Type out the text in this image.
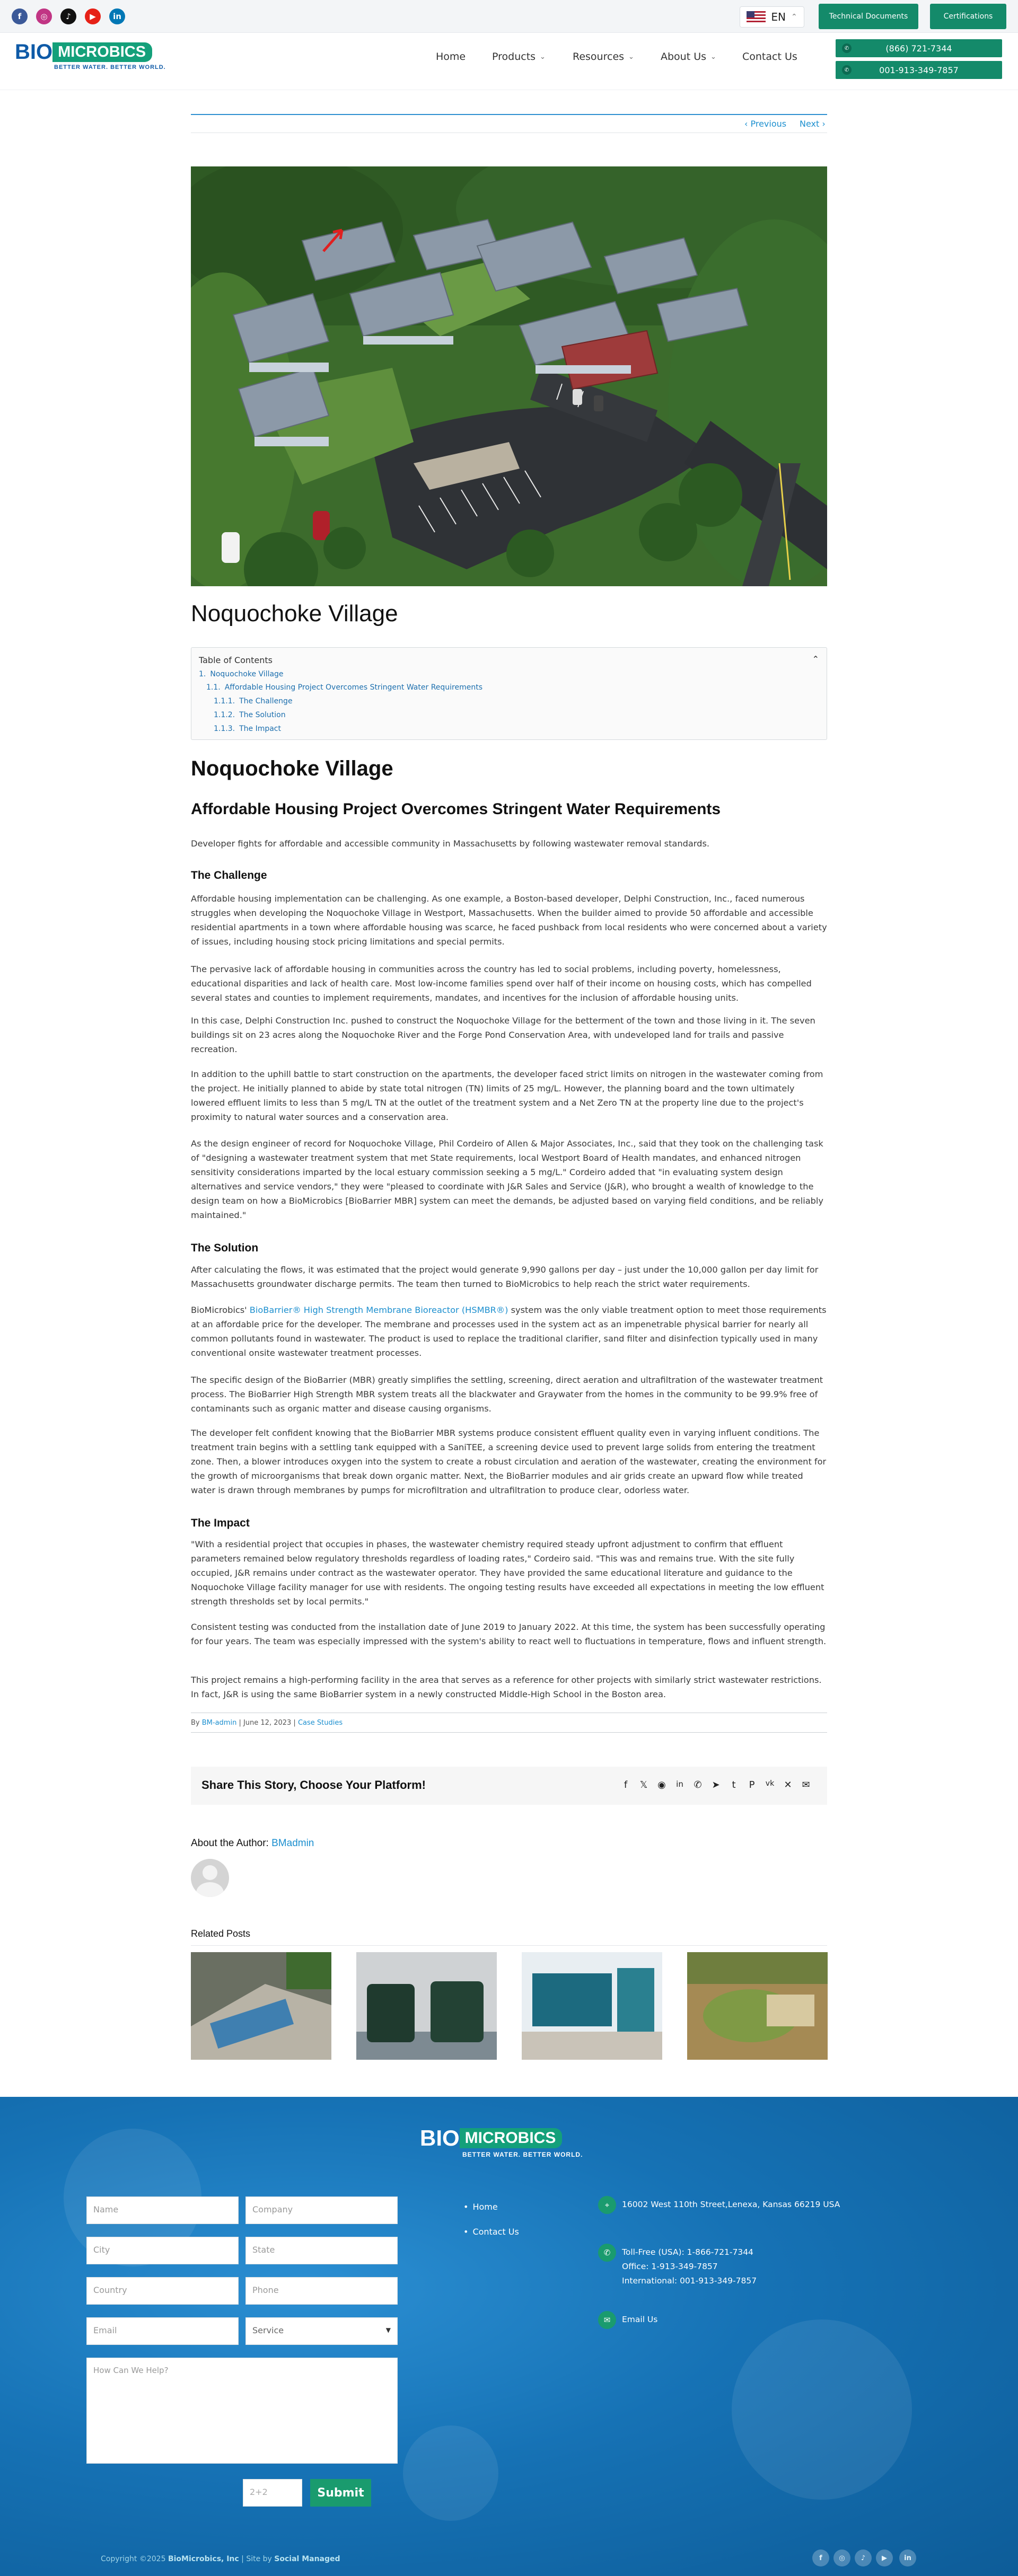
f	◎	♪	▶	in	EN ⌃	Technical Documents	Certifications
BIO MICROBICS
BETTER WATER. BETTER WORLD.
Home	Products ⌄	Resources ⌄	About Us ⌄	Contact Us
✆	(866) 721-7344
✆	001-913-349-7857
‹ Previous Next ›
Noquochoke Village
Table of Contents	⌃
1. Noquochoke Village
1.1. Affordable Housing Project Overcomes Stringent Water Requirements
1.1.1. The Challenge
1.1.2. The Solution
1.1.3. The Impact
Noquochoke Village
Affordable Housing Project Overcomes Stringent Water Requirements

Developer fights for affordable and accessible community in Massachusetts by following wastewater removal standards.

The Challenge

Affordable housing implementation can be challenging. As one example, a Boston-based developer, Delphi Construction, Inc., faced numerous struggles when developing the Noquochoke Village in Westport, Massachusetts. When the builder aimed to provide 50 affordable and accessible residential apartments in a town where affordable housing was scarce, he faced pushback from local residents who were concerned about a variety of issues, including housing stock pricing limitations and special permits.

The pervasive lack of affordable housing in communities across the country has led to social problems, including poverty, homelessness, educational disparities and lack of health care. Most low-income families spend over half of their income on housing costs, which has compelled several states and counties to implement requirements, mandates, and incentives for the inclusion of affordable housing units.

In this case, Delphi Construction Inc. pushed to construct the Noquochoke Village for the betterment of the town and those living in it. The seven buildings sit on 23 acres along the Noquochoke River and the Forge Pond Conservation Area, with undeveloped land for trails and passive recreation.

In addition to the uphill battle to start construction on the apartments, the developer faced strict limits on nitrogen in the wastewater coming from the project. He initially planned to abide by state total nitrogen (TN) limits of 25 mg/L. However, the planning board and the town ultimately lowered effluent limits to less than 5 mg/L TN at the outlet of the treatment system and a Net Zero TN at the property line due to the project's proximity to natural water sources and a conservation area.

As the design engineer of record for Noquochoke Village, Phil Cordeiro of Allen & Major Associates, Inc., said that they took on the challenging task of "designing a wastewater treatment system that met State requirements, local Westport Board of Health mandates, and enhanced nitrogen sensitivity considerations imparted by the local estuary commission seeking a 5 mg/L." Cordeiro added that "in evaluating system design alternatives and service vendors," they were "pleased to coordinate with J&R Sales and Service (J&R), who brought a wealth of knowledge to the design team on how a BioMicrobics [BioBarrier MBR] system can meet the demands, be adjusted based on varying field conditions, and be reliably maintained."

The Solution

After calculating the flows, it was estimated that the project would generate 9,990 gallons per day – just under the 10,000 gallon per day limit for Massachusetts groundwater discharge permits. The team then turned to BioMicrobics to help reach the strict water requirements.

BioMicrobics' BioBarrier® High Strength Membrane Bioreactor (HSMBR®) system was the only viable treatment option to meet those requirements at an affordable price for the developer. The membrane and processes used in the system act as an impenetrable physical barrier for nearly all common pollutants found in wastewater. The product is used to replace the traditional clarifier, sand filter and disinfection typically used in many conventional onsite wastewater treatment processes.

The specific design of the BioBarrier (MBR) greatly simplifies the settling, screening, direct aeration and ultrafiltration of the wastewater treatment process. The BioBarrier High Strength MBR system treats all the blackwater and Graywater from the homes in the community to be 99.9% free of contaminants such as organic matter and disease causing organisms.

The developer felt confident knowing that the BioBarrier MBR systems produce consistent effluent quality even in varying influent conditions. The treatment train begins with a settling tank equipped with a SaniTEE, a screening device used to prevent large solids from entering the treatment zone. Then, a blower introduces oxygen into the system to create a robust circulation and aeration of the wastewater, creating the environment for the growth of microorganisms that break down organic matter. Next, the BioBarrier modules and air grids create an upward flow while treated water is drawn through membranes by pumps for microfiltration and ultrafiltration to produce clear, odorless water.

The Impact

"With a residential project that occupies in phases, the wastewater chemistry required steady upfront adjustment to confirm that effluent parameters remained below regulatory thresholds regardless of loading rates," Cordeiro said. "This was and remains true. With the site fully occupied, J&R remains under contract as the wastewater operator. They have provided the same educational literature and guidance to the Noquochoke Village facility manager for use with residents. The ongoing testing results have exceeded all expectations in meeting the low effluent strength thresholds set by local permits."

Consistent testing was conducted from the installation date of June 2019 to January 2022. At this time, the system has been successfully operating for four years. The team was especially impressed with the system's ability to react well to fluctuations in temperature, flows and influent strength.

This project remains a high-performing facility in the area that serves as a reference for other projects with similarly strict wastewater restrictions. In fact, J&R is using the same BioBarrier system in a newly constructed Middle-High School in the Boston area.

By BM-admin | June 12, 2023 | Case Studies
Share This Story, Choose Your Platform!	f	𝕏 ◉	in ✆ ➤	t	P	vk ✕ ✉
About the Author: BMadmin
Related Posts
BIO MICROBICS
BETTER WATER. BETTER WORLD.
Name	Company
City	State
Country	Phone
Email	Service	▼
How Can We Help?
2+2	Submit
• Home
• Contact Us
⌖	16002 West 110th Street,Lenexa, Kansas 66219 USA
✆	Toll-Free (USA): 1-866-721-7344
Office: 1-913-349-7857
International: 001-913-349-7857
✉	Email Us
Copyright ©2025 BioMicrobics, Inc | Site by Social Managed	f	◎	♪	▶	in
